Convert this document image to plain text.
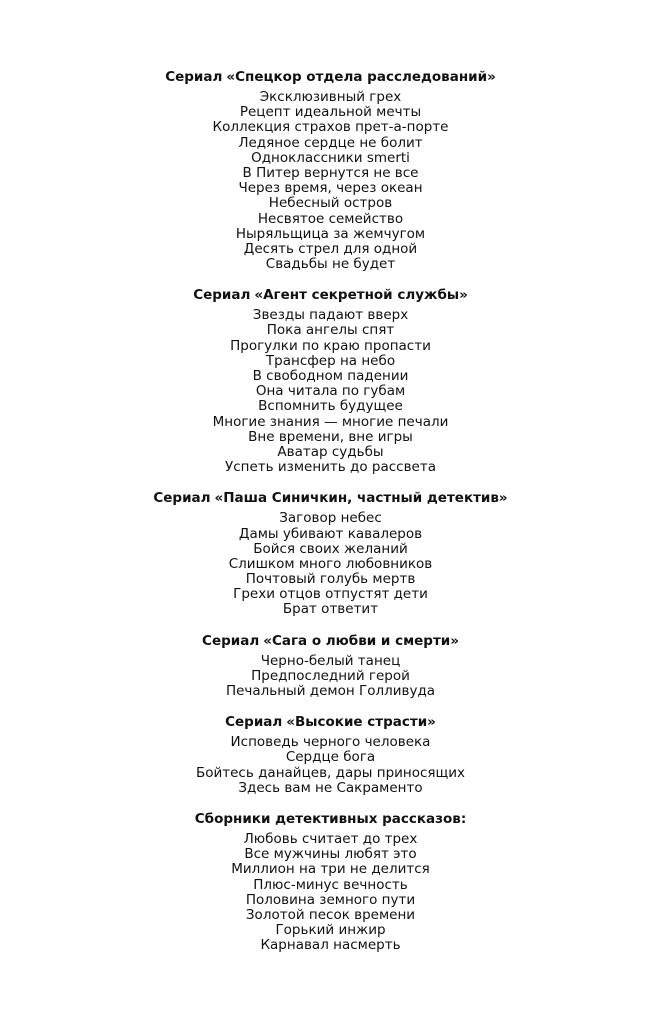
Сериал «Спецкор отдела расследований»
Эксклюзивный грех
Рецепт идеальной мечты
Коллекция страхов прет-а-порте
Ледяное сердце не болит
Одноклассники smerti
В Питер вернутся не все
Через время, через океан
Небесный остров
Несвятое семейство
Ныряльщица за жемчугом
Десять стрел для одной
Свадьбы не будет
Сериал «Агент секретной службы»
Звезды падают вверх
Пока ангелы спят
Прогулки по краю пропасти
Трансфер на небо
В свободном падении
Она читала по губам
Вспомнить будущее
Многие знания — многие печали
Вне времени, вне игры
Аватар судьбы
Успеть изменить до рассвета
Сериал «Паша Синичкин, частный детектив»
Заговор небес
Дамы убивают кавалеров
Бойся своих желаний
Слишком много любовников
Почтовый голубь мертв
Грехи отцов отпустят дети
Брат ответит
Сериал «Сага о любви и смерти»
Черно-белый танец
Предпоследний герой
Печальный демон Голливуда
Сериал «Высокие страсти»
Исповедь черного человека
Сердце бога
Бойтесь данайцев, дары приносящих
Здесь вам не Сакраменто
Сборники детективных рассказов:
Любовь считает до трех
Все мужчины любят это
Миллион на три не делится
Плюс-минус вечность
Половина земного пути
Золотой песок времени
Горький инжир
Карнавал насмерть
